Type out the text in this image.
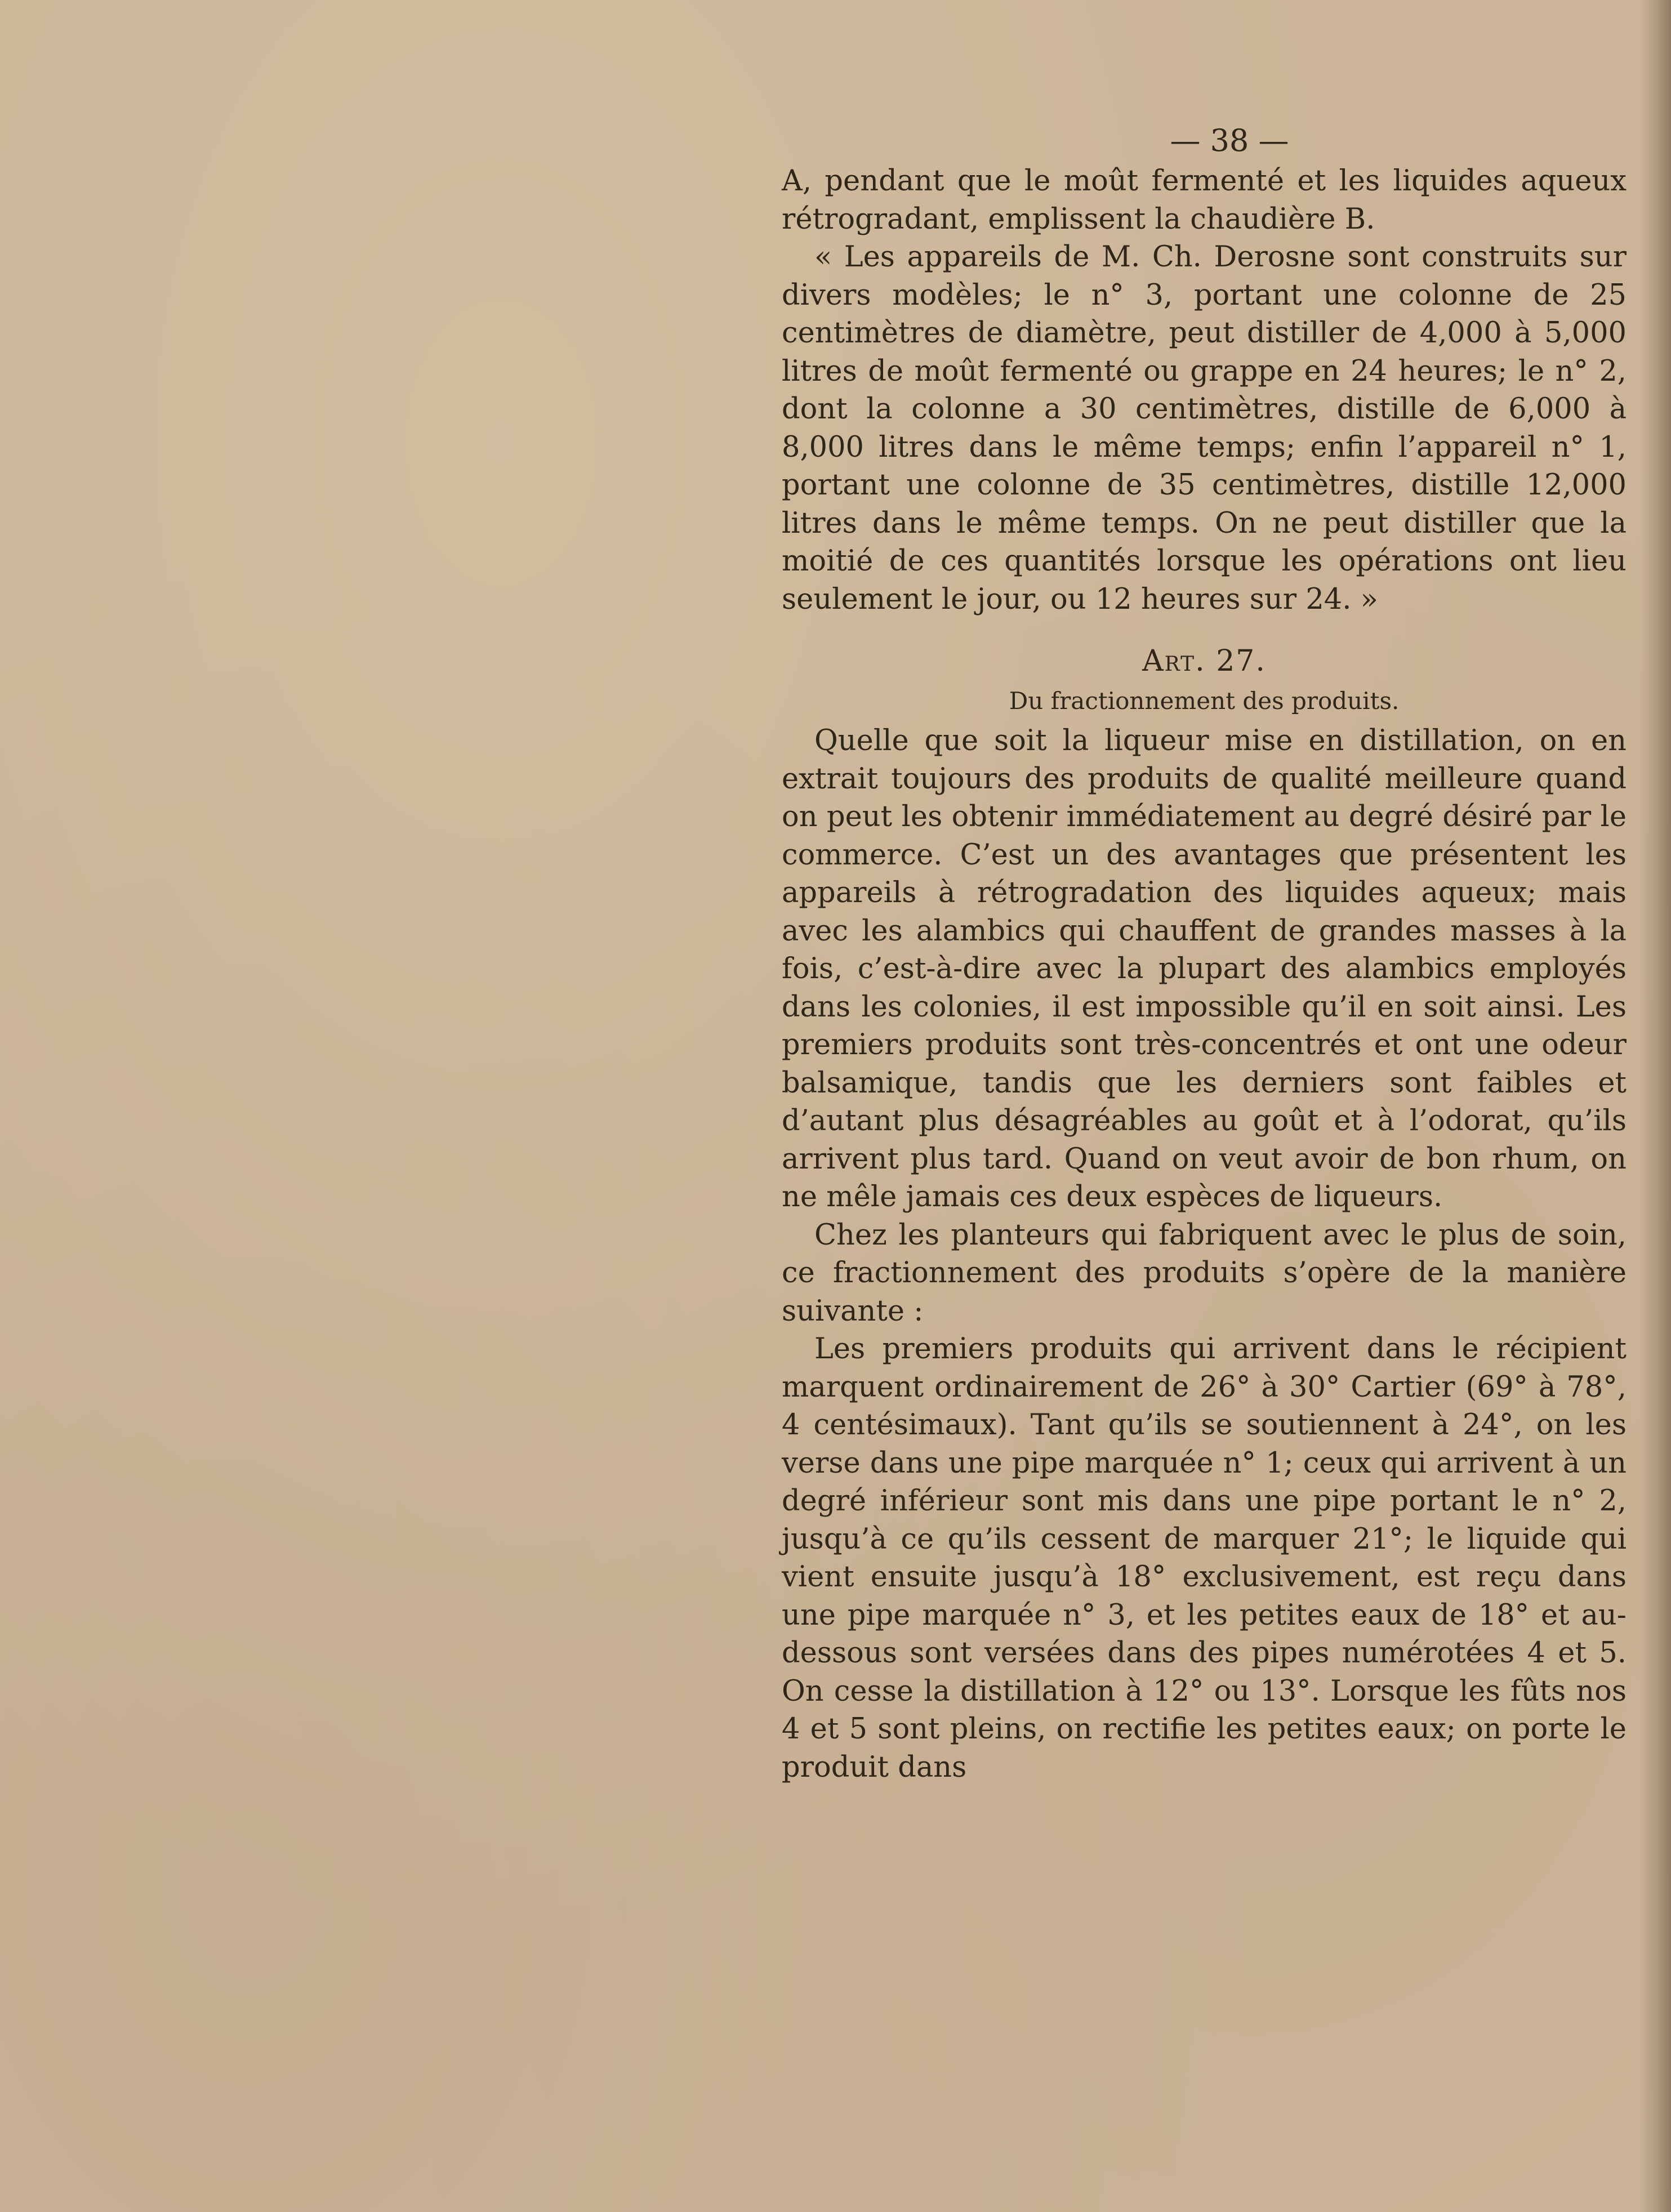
— 38 —

A, pendant que le moût fermenté et les liquides aqueux rétrogradant, emplissent la chaudière B.

« Les appareils de M. Ch. Derosne sont construits sur divers modèles; le n° 3, portant une colonne de 25 centimètres de diamètre, peut distiller de 4,000 à 5,000 litres de moût fermenté ou grappe en 24 heures; le n° 2, dont la colonne a 30 centimètres, distille de 6,000 à 8,000 litres dans le même temps; enfin l’appareil n° 1, portant une colonne de 35 centimètres, distille 12,000 litres dans le même temps. On ne peut distiller que la moitié de ces quantités lorsque les opérations ont lieu seulement le jour, ou 12 heures sur 24. »

Art. 27.
Du fractionnement des produits.

Quelle que soit la liqueur mise en distillation, on en extrait toujours des produits de qualité meilleure quand on peut les obtenir immédiatement au degré désiré par le commerce. C’est un des avantages que présentent les appareils à rétrogradation des liquides aqueux; mais avec les alambics qui chauffent de grandes masses à la fois, c’est-à-dire avec la plupart des alambics employés dans les colonies, il est impossible qu’il en soit ainsi. Les premiers produits sont très-concentrés et ont une odeur balsamique, tandis que les derniers sont faibles et d’autant plus désagréables au goût et à l’odorat, qu’ils arrivent plus tard. Quand on veut avoir de bon rhum, on ne mêle jamais ces deux espèces de liqueurs.

Chez les planteurs qui fabriquent avec le plus de soin, ce fractionnement des produits s’opère de la manière suivante :

Les premiers produits qui arrivent dans le récipient marquent ordinairement de 26° à 30° Cartier (69° à 78°, 4 centésimaux). Tant qu’ils se soutiennent à 24°, on les verse dans une pipe marquée n° 1; ceux qui arrivent à un degré inférieur sont mis dans une pipe portant le n° 2, jusqu’à ce qu’ils cessent de marquer 21°; le liquide qui vient ensuite jusqu’à 18° exclusivement, est reçu dans une pipe marquée n° 3, et les petites eaux de 18° et au-dessous sont versées dans des pipes numérotées 4 et 5. On cesse la distillation à 12° ou 13°. Lorsque les fûts nos 4 et 5 sont pleins, on rectifie les petites eaux; on porte le produit dans
